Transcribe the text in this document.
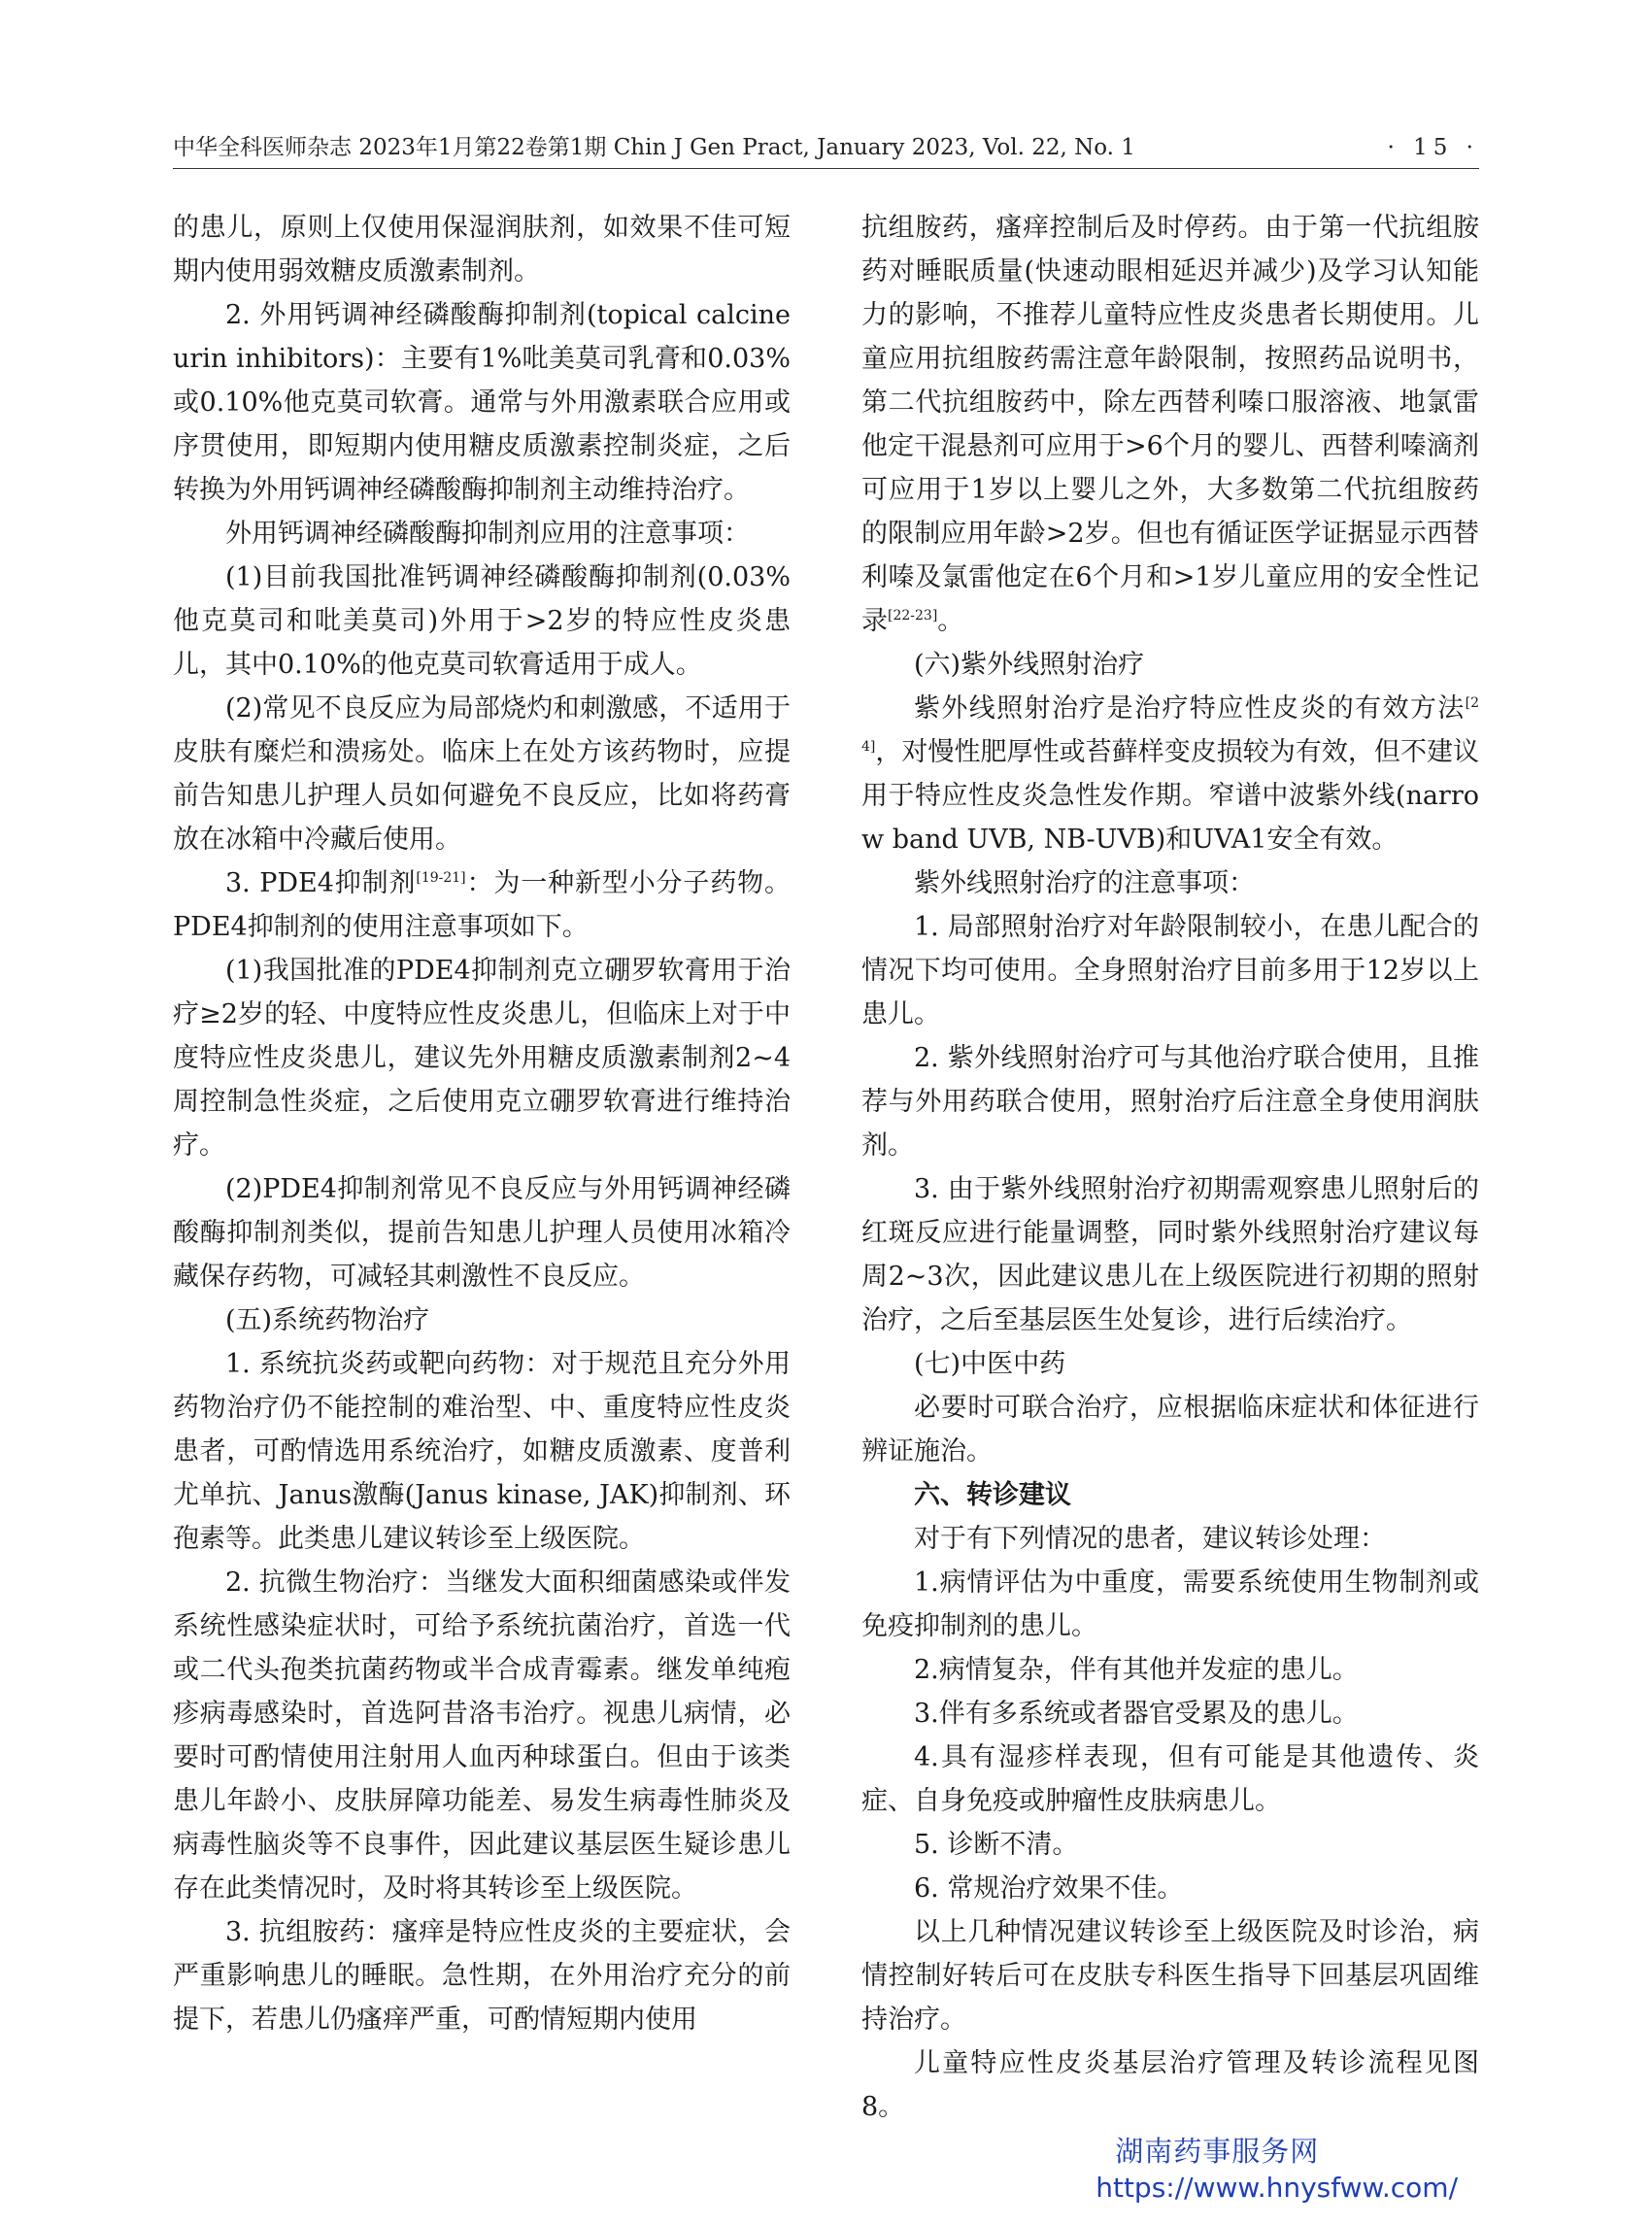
中华全科医师杂志 2023年1月第22卷第1期 Chin J Gen Pract, January 2023, Vol. 22, No. 1	· 15 ·

的患儿，原则上仅使用保湿润肤剂，如效果不佳可短期内使用弱效糖皮质激素制剂。

2. 外用钙调神经磷酸酶抑制剂(topical calcineurin inhibitors)：主要有1%吡美莫司乳膏和0.03%或0.10%他克莫司软膏。通常与外用激素联合应用或序贯使用，即短期内使用糖皮质激素控制炎症，之后转换为外用钙调神经磷酸酶抑制剂主动维持治疗。

外用钙调神经磷酸酶抑制剂应用的注意事项：

(1)目前我国批准钙调神经磷酸酶抑制剂(0.03%他克莫司和吡美莫司)外用于>2岁的特应性皮炎患儿，其中0.10%的他克莫司软膏适用于成人。

(2)常见不良反应为局部烧灼和刺激感，不适用于皮肤有糜烂和溃疡处。临床上在处方该药物时，应提前告知患儿护理人员如何避免不良反应，比如将药膏放在冰箱中冷藏后使用。

3. PDE4抑制剂[19-21]：为一种新型小分子药物。PDE4抑制剂的使用注意事项如下。

(1)我国批准的PDE4抑制剂克立硼罗软膏用于治疗≥2岁的轻、中度特应性皮炎患儿，但临床上对于中度特应性皮炎患儿，建议先外用糖皮质激素制剂2~4周控制急性炎症，之后使用克立硼罗软膏进行维持治疗。

(2)PDE4抑制剂常见不良反应与外用钙调神经磷酸酶抑制剂类似，提前告知患儿护理人员使用冰箱冷藏保存药物，可减轻其刺激性不良反应。

(五)系统药物治疗

1. 系统抗炎药或靶向药物：对于规范且充分外用药物治疗仍不能控制的难治型、中、重度特应性皮炎患者，可酌情选用系统治疗，如糖皮质激素、度普利尤单抗、Janus激酶(Janus kinase, JAK)抑制剂、环孢素等。此类患儿建议转诊至上级医院。

2. 抗微生物治疗：当继发大面积细菌感染或伴发系统性感染症状时，可给予系统抗菌治疗，首选一代或二代头孢类抗菌药物或半合成青霉素。继发单纯疱疹病毒感染时，首选阿昔洛韦治疗。视患儿病情，必要时可酌情使用注射用人血丙种球蛋白。但由于该类患儿年龄小、皮肤屏障功能差、易发生病毒性肺炎及病毒性脑炎等不良事件，因此建议基层医生疑诊患儿存在此类情况时，及时将其转诊至上级医院。

3. 抗组胺药：瘙痒是特应性皮炎的主要症状，会严重影响患儿的睡眠。急性期，在外用治疗充分的前提下，若患儿仍瘙痒严重，可酌情短期内使用

抗组胺药，瘙痒控制后及时停药。由于第一代抗组胺药对睡眠质量(快速动眼相延迟并减少)及学习认知能力的影响，不推荐儿童特应性皮炎患者长期使用。儿童应用抗组胺药需注意年龄限制，按照药品说明书，第二代抗组胺药中，除左西替利嗪口服溶液、地氯雷他定干混悬剂可应用于>6个月的婴儿、西替利嗪滴剂可应用于1岁以上婴儿之外，大多数第二代抗组胺药的限制应用年龄>2岁。但也有循证医学证据显示西替利嗪及氯雷他定在6个月和>1岁儿童应用的安全性记录[22-23]。

(六)紫外线照射治疗

紫外线照射治疗是治疗特应性皮炎的有效方法[24]，对慢性肥厚性或苔藓样变皮损较为有效，但不建议用于特应性皮炎急性发作期。窄谱中波紫外线(narrow band UVB, NB-UVB)和UVA1安全有效。

紫外线照射治疗的注意事项：

1. 局部照射治疗对年龄限制较小，在患儿配合的情况下均可使用。全身照射治疗目前多用于12岁以上患儿。

2. 紫外线照射治疗可与其他治疗联合使用，且推荐与外用药联合使用，照射治疗后注意全身使用润肤剂。

3. 由于紫外线照射治疗初期需观察患儿照射后的红斑反应进行能量调整，同时紫外线照射治疗建议每周2~3次，因此建议患儿在上级医院进行初期的照射治疗，之后至基层医生处复诊，进行后续治疗。

(七)中医中药

必要时可联合治疗，应根据临床症状和体征进行辨证施治。

六、转诊建议

对于有下列情况的患者，建议转诊处理：

1.病情评估为中重度，需要系统使用生物制剂或免疫抑制剂的患儿。

2.病情复杂，伴有其他并发症的患儿。

3.伴有多系统或者器官受累及的患儿。

4.具有湿疹样表现，但有可能是其他遗传、炎症、自身免疫或肿瘤性皮肤病患儿。

5. 诊断不清。

6. 常规治疗效果不佳。

以上几种情况建议转诊至上级医院及时诊治，病情控制好转后可在皮肤专科医生指导下回基层巩固维持治疗。

儿童特应性皮炎基层治疗管理及转诊流程见图8。

湖南药事服务网
https://www.hnysfww.com/
